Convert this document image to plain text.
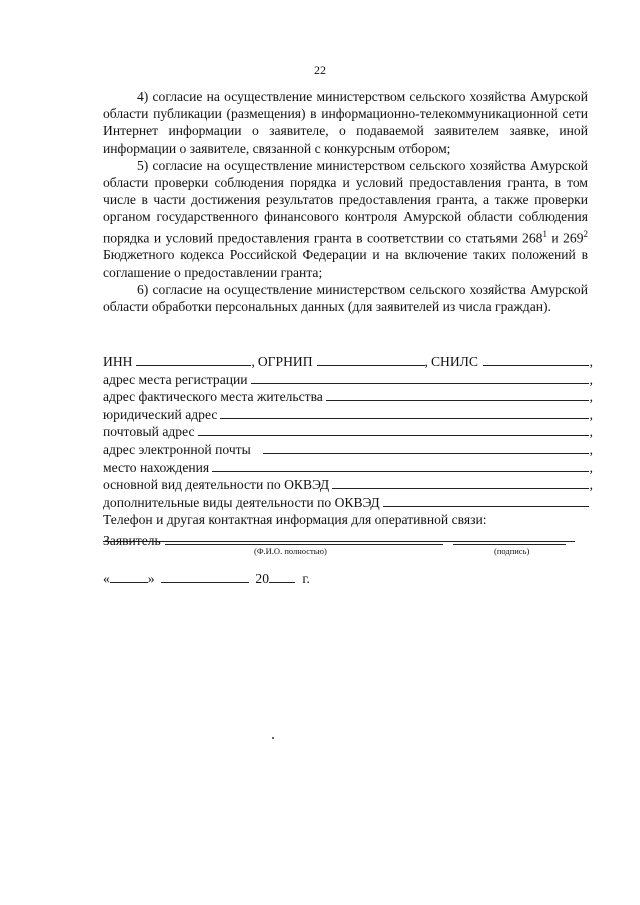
22

4) согласие на осуществление министерством сельского хозяйства Амурской области публикации (размещения) в информационно-телекоммуникационной сети Интернет информации о заявителе, о подаваемой заявителем заявке, иной информации о заявителе, связанной с конкурсным отбором;

5) согласие на осуществление министерством сельского хозяйства Амурской области проверки соблюдения порядка и условий предоставления гранта, в том числе в части достижения результатов предоставления гранта, а также проверки органом государственного финансового контроля Амурской области соблюдения порядка и условий предоставления гранта в соответствии со статьями $268^1$ и $269^2$ Бюджетного кодекса Российской Федерации и на включение таких положений в соглашение о предоставлении гранта;

6) согласие на осуществление министерством сельского хозяйства Амурской области обработки персональных данных (для заявителей из числа граждан).

ИНН	, ОГРНИП	, СНИЛС	,
адрес места регистрации	,
адрес фактического места жительства	,
юридический адрес	,
почтовый адрес	,
адрес электронной почты	,
место нахождения	,
основной вид деятельности по ОКВЭД	,
дополнительные виды деятельности по ОКВЭД
Телефон и другая контактная информация для оперативной связи:
Заявитель
(Ф.И.О. полностью)	(подпись)
«	»	20 г.
